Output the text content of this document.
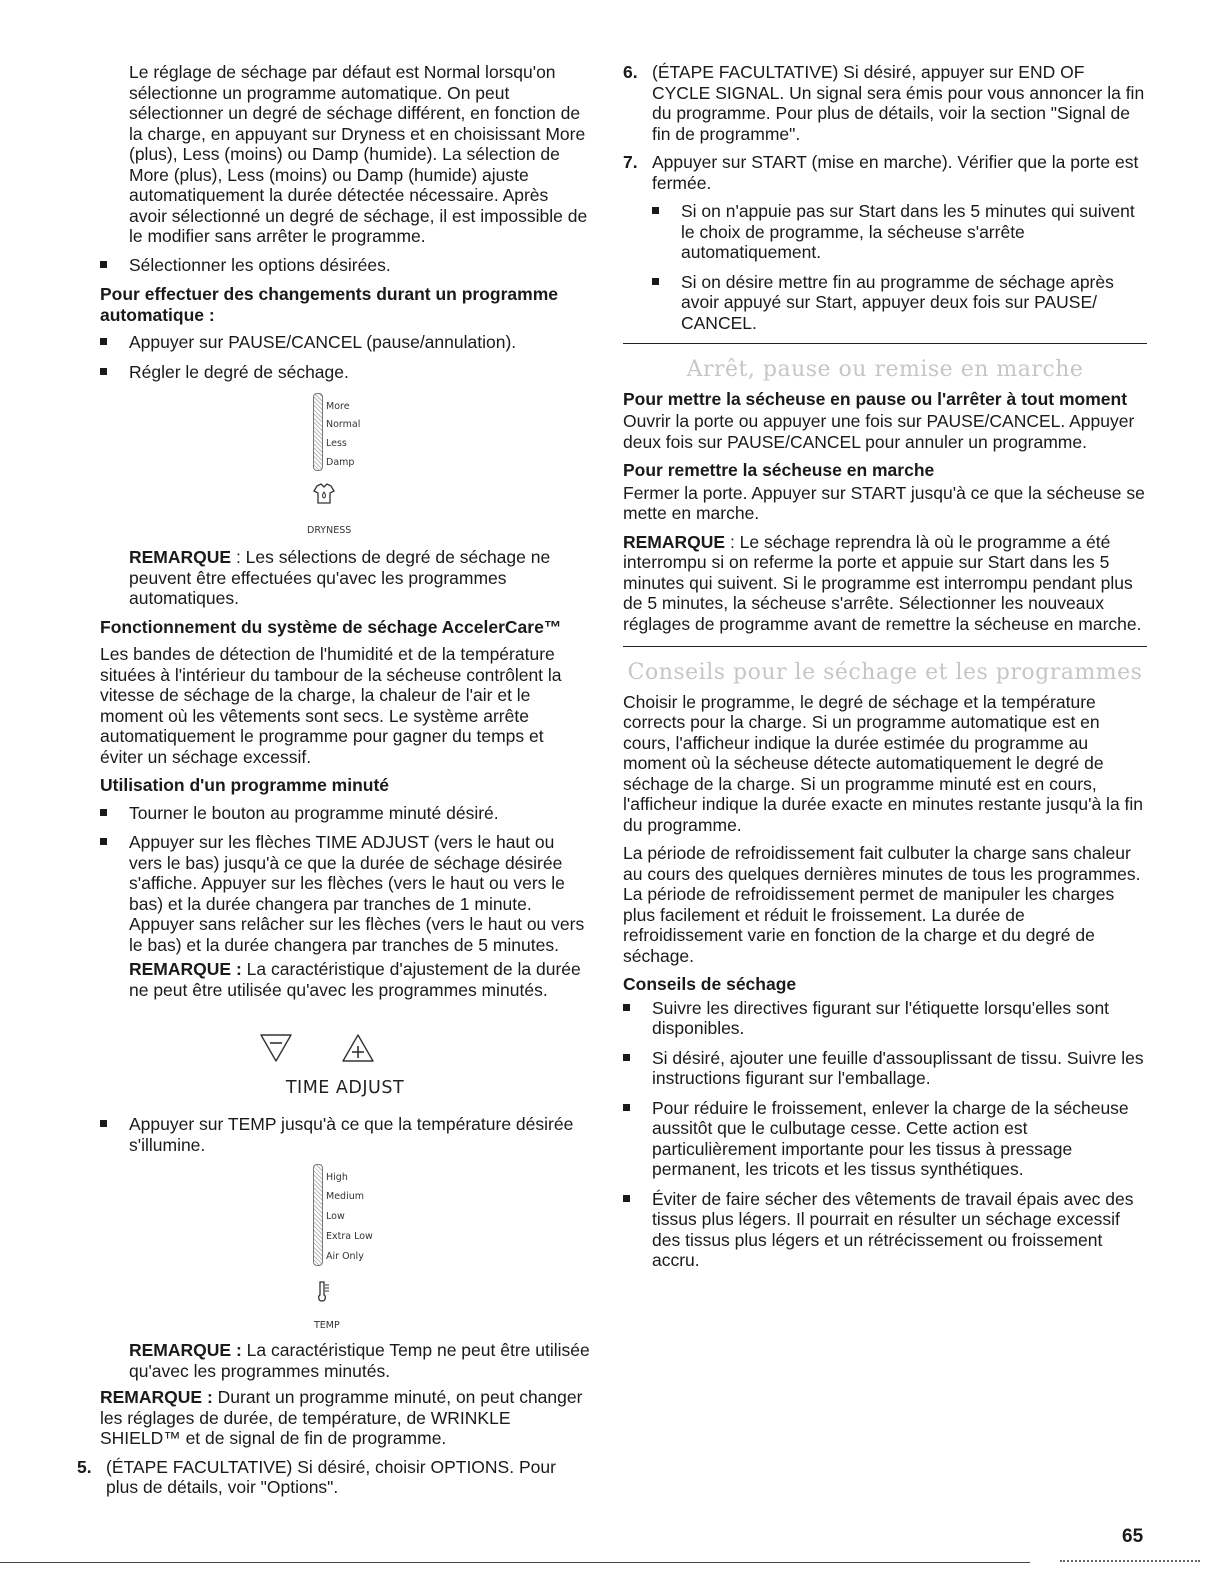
Le réglage de séchage par défaut est Normal lorsqu'on sélectionne un programme automatique. On peut sélectionner un degré de séchage différent, en fonction de la charge, en appuyant sur Dryness et en choisissant More (plus), Less (moins) ou Damp (humide). La sélection de More (plus), Less (moins) ou Damp (humide) ajuste automatiquement la durée détectée nécessaire. Après avoir sélectionné un degré de séchage, il est impossible de le modifier sans arrêter le programme.

Sélectionner les options désirées.

Pour effectuer des changements durant un programme automatique :

Appuyer sur PAUSE/CANCEL (pause/annulation).
Régler le degré de séchage.
More
Normal
Less
Damp
DRYNESS

REMARQUE : Les sélections de degré de séchage ne peuvent être effectuées qu'avec les programmes automatiques.

Fonctionnement du système de séchage AccelerCare™

Les bandes de détection de l'humidité et de la température situées à l'intérieur du tambour de la sécheuse contrôlent la vitesse de séchage de la charge, la chaleur de l'air et le moment où les vêtements sont secs. Le système arrête automatiquement le programme pour gagner du temps et éviter un séchage excessif.

Utilisation d'un programme minuté

Tourner le bouton au programme minuté désiré.
Appuyer sur les flèches TIME ADJUST (vers le haut ou vers le bas) jusqu'à ce que la durée de séchage désirée s'affiche. Appuyer sur les flèches (vers le haut ou vers le bas) et la durée changera par tranches de 1 minute. Appuyer sans relâcher sur les flèches (vers le haut ou vers le bas) et la durée changera par tranches de 5 minutes.

REMARQUE : La caractéristique d'ajustement de la durée ne peut être utilisée qu'avec les programmes minutés.

TIME ADJUST
Appuyer sur TEMP jusqu'à ce que la température désirée s'illumine.
High
Medium
Low
Extra Low
Air Only
TEMP

REMARQUE : La caractéristique Temp ne peut être utilisée qu'avec les programmes minutés.

REMARQUE : Durant un programme minuté, on peut changer les réglages de durée, de température, de WRINKLE SHIELD™ et de signal de fin de programme.

5. (ÉTAPE FACULTATIVE) Si désiré, choisir OPTIONS. Pour plus de détails, voir "Options".
6. (ÉTAPE FACULTATIVE) Si désiré, appuyer sur END OF CYCLE SIGNAL. Un signal sera émis pour vous annoncer la fin du programme. Pour plus de détails, voir la section "Signal de fin de programme".
7. Appuyer sur START (mise en marche). Vérifier que la porte est fermée.
Si on n'appuie pas sur Start dans les 5 minutes qui suivent le choix de programme, la sécheuse s'arrête automatiquement.
Si on désire mettre fin au programme de séchage après avoir appuyé sur Start, appuyer deux fois sur PAUSE/ CANCEL.
Arrêt, pause ou remise en marche

Pour mettre la sécheuse en pause ou l'arrêter à tout moment

Ouvrir la porte ou appuyer une fois sur PAUSE/CANCEL. Appuyer deux fois sur PAUSE/CANCEL pour annuler un programme.

Pour remettre la sécheuse en marche

Fermer la porte. Appuyer sur START jusqu'à ce que la sécheuse se mette en marche.

REMARQUE : Le séchage reprendra là où le programme a été interrompu si on referme la porte et appuie sur Start dans les 5 minutes qui suivent. Si le programme est interrompu pendant plus de 5 minutes, la sécheuse s'arrête. Sélectionner les nouveaux réglages de programme avant de remettre la sécheuse en marche.

Conseils pour le séchage et les programmes

Choisir le programme, le degré de séchage et la température corrects pour la charge. Si un programme automatique est en cours, l'afficheur indique la durée estimée du programme au moment où la sécheuse détecte automatiquement le degré de séchage de la charge. Si un programme minuté est en cours, l'afficheur indique la durée exacte en minutes restante jusqu'à la fin du programme.

La période de refroidissement fait culbuter la charge sans chaleur au cours des quelques dernières minutes de tous les programmes. La période de refroidissement permet de manipuler les charges plus facilement et réduit le froissement. La durée de refroidissement varie en fonction de la charge et du degré de séchage.

Conseils de séchage

Suivre les directives figurant sur l'étiquette lorsqu'elles sont disponibles.
Si désiré, ajouter une feuille d'assouplissant de tissu. Suivre les instructions figurant sur l'emballage.
Pour réduire le froissement, enlever la charge de la sécheuse aussitôt que le culbutage cesse. Cette action est particulièrement importante pour les tissus à pressage permanent, les tricots et les tissus synthétiques.
Éviter de faire sécher des vêtements de travail épais avec des tissus plus légers. Il pourrait en résulter un séchage excessif des tissus plus légers et un rétrécissement ou froissement accru.
65
